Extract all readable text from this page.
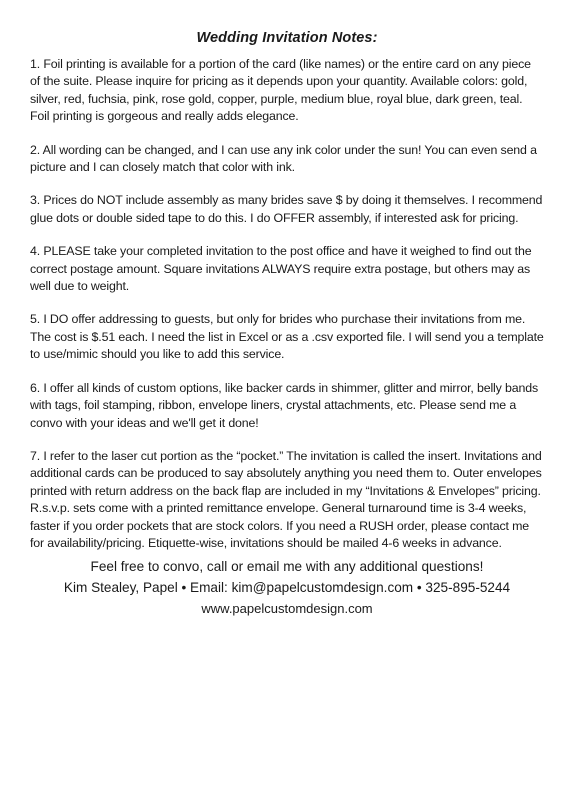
Wedding Invitation Notes:

1. Foil printing is available for a portion of the card (like names) or the entire card on any piece of the suite. Please inquire for pricing as it depends upon your quantity. Available colors: gold, silver, red, fuchsia, pink, rose gold, copper, purple, medium blue, royal blue, dark green, teal. Foil printing is gorgeous and really adds elegance.

2. All wording can be changed, and I can use any ink color under the sun! You can even send a picture and I can closely match that color with ink.

3. Prices do NOT include assembly as many brides save $ by doing it themselves. I recommend glue dots or double sided tape to do this. I do OFFER assembly, if interested ask for pricing.

4. PLEASE take your completed invitation to the post office and have it weighed to find out the correct postage amount. Square invitations ALWAYS require extra postage, but others may as well due to weight.

5. I DO offer addressing to guests, but only for brides who purchase their invitations from me. The cost is $.51 each. I need the list in Excel or as a .csv exported file. I will send you a template to use/mimic should you like to add this service.

6. I offer all kinds of custom options, like backer cards in shimmer, glitter and mirror, belly bands with tags, foil stamping, ribbon, envelope liners, crystal attachments, etc. Please send me a convo with your ideas and we'll get it done!

7. I refer to the laser cut portion as the “pocket.” The invitation is called the insert. Invitations and additional cards can be produced to say absolutely anything you need them to. Outer envelopes printed with return address on the back flap are included in my “Invitations & Envelopes” pricing. R.s.v.p. sets come with a printed remittance envelope. General turnaround time is 3-4 weeks, faster if you order pockets that are stock colors. If you need a RUSH order, please contact me for availability/pricing. Etiquette-wise, invitations should be mailed 4-6 weeks in advance.

Feel free to convo, call or email me with any additional questions!
Kim Stealey, Papel • Email: kim@papelcustomdesign.com • 325-895-5244
www.papelcustomdesign.com
